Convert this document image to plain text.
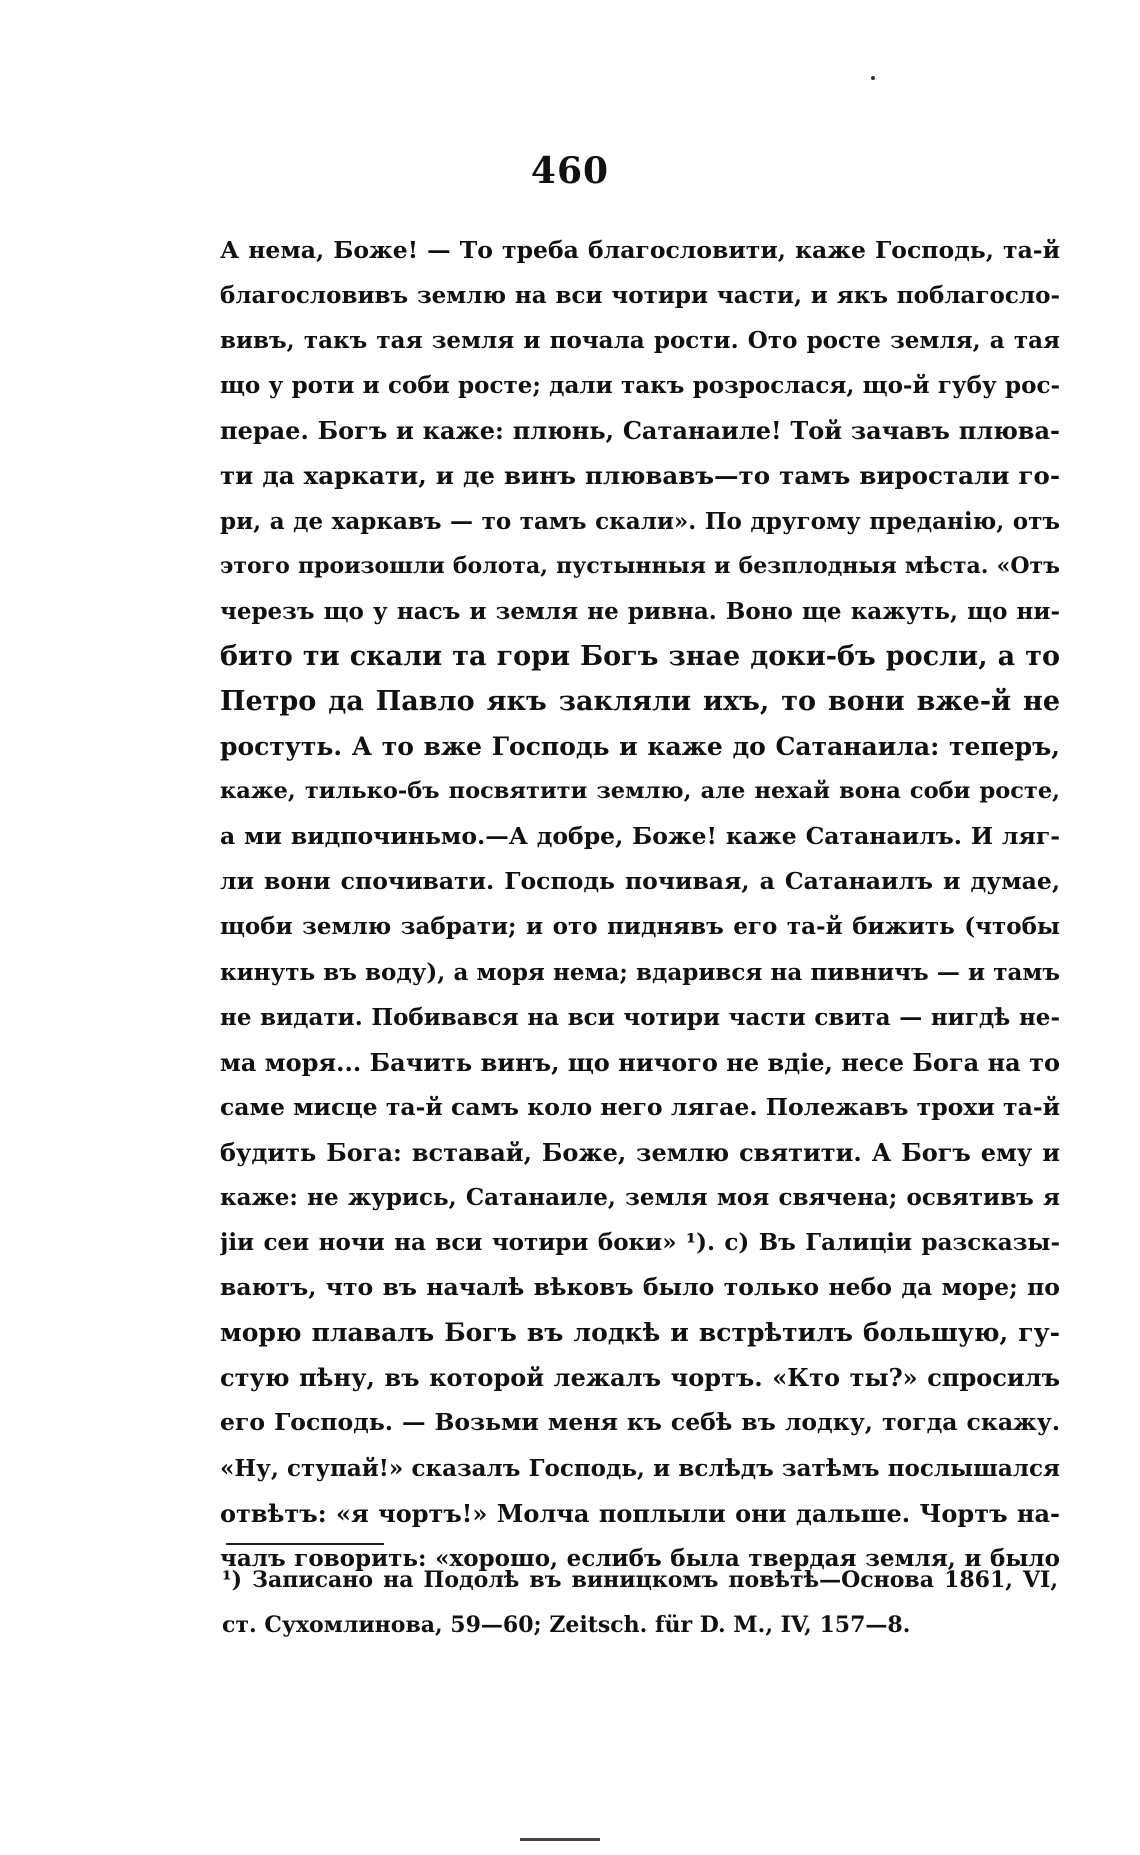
460
А нема, Боже! — То треба благословити, каже Господь, та-й
благословивъ землю на вси чотири части, и якъ поблагосло-
вивъ, такъ тая земля и почала рости. Ото росте земля, а тая
що у роти и соби росте; дали такъ розрослася, що-й губу рос-
перае. Богъ и каже: плюнь, Сатанаиле! Той зачавъ плюва-
ти да харкати, и де винъ плювавъ—то тамъ виростали го-
ри, а де харкавъ — то тамъ скали». По другому преданію, отъ
этого произошли болота, пустынныя и безплодныя мѣста. «Отъ
черезъ що у насъ и земля не ривна. Воно ще кажуть, що ни-
бито ти скали та гори Богъ знае доки-бъ росли, а то
Петро да Павло якъ закляли ихъ, то вони вже-й не
ростуть. А то вже Господь и каже до Сатанаила: теперъ,
каже, тилько-бъ посвятити землю, але нехай вона соби росте,
а ми видпочиньмо.—А добре, Боже! каже Сатанаилъ. И ляг-
ли вони спочивати. Господь почивая, а Сатанаилъ и думае,
щоби землю забрати; и ото пиднявъ его та-й бижить (чтобы
кинуть въ воду), а моря нема; вдарився на пивничъ — и тамъ
не видати. Побивався на вси чотири части свита — нигдѣ не-
ма моря... Бачить винъ, що ничого не вдіе, несе Бога на то
саме мисце та-й самъ коло него лягае. Полежавъ трохи та-й
будить Бога: вставай, Боже, землю святити. А Богъ ему и
каже: не журись, Сатанаиле, земля моя свячена; освятивъ я
јіи сеи ночи на вси чотири боки» ¹). с) Въ Галиціи разсказы-
ваютъ, что въ началѣ вѣковъ было только небо да море; по
морю плавалъ Богъ въ лодкѣ и встрѣтилъ большую, гу-
стую пѣну, въ которой лежалъ чортъ. «Кто ты?» спросилъ
его Господь. — Возьми меня къ себѣ въ лодку, тогда скажу.
«Ну, ступай!» сказалъ Господь, и вслѣдъ затѣмъ послышался
отвѣтъ: «я чортъ!» Молча поплыли они дальше. Чортъ на-
чалъ говорить: «хорошо, еслибъ была твердая земля, и было
¹) Записано на Подолѣ въ виницкомъ повѣтѣ—Основа 1861, VI,
ст. Сухомлинова, 59—60; Zeitsch. für D. M., IV, 157—8.
